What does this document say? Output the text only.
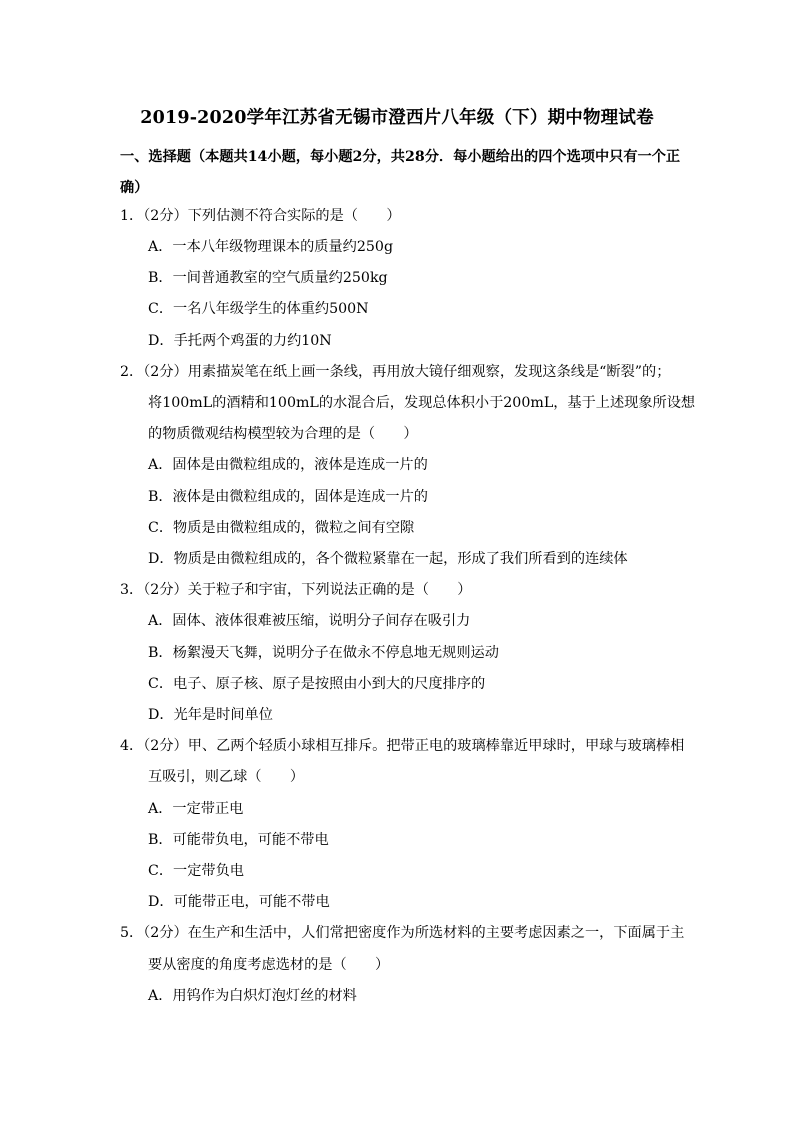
2019-2020学年江苏省无锡市澄西片八年级（下）期中物理试卷
一、选择题（本题共14小题，每小题2分，共28分．每小题给出的四个选项中只有一个正确）
1．（2分）下列估测不符合实际的是（　　）
A．一本八年级物理课本的质量约250g
B．一间普通教室的空气质量约250kg
C．一名八年级学生的体重约500N
D．手托两个鸡蛋的力约10N
2．（2分）用素描炭笔在纸上画一条线，再用放大镜仔细观察，发现这条线是“断裂”的；
将100mL的酒精和100mL的水混合后，发现总体积小于200mL，基于上述现象所设想
的物质微观结构模型较为合理的是（　　）
A．固体是由微粒组成的，液体是连成一片的
B．液体是由微粒组成的，固体是连成一片的
C．物质是由微粒组成的，微粒之间有空隙
D．物质是由微粒组成的，各个微粒紧靠在一起，形成了我们所看到的连续体
3．（2分）关于粒子和宇宙，下列说法正确的是（　　）
A．固体、液体很难被压缩，说明分子间存在吸引力
B．杨絮漫天飞舞，说明分子在做永不停息地无规则运动
C．电子、原子核、原子是按照由小到大的尺度排序的
D．光年是时间单位
4．（2分）甲、乙两个轻质小球相互排斥。把带正电的玻璃棒靠近甲球时，甲球与玻璃棒相
互吸引，则乙球（　　）
A．一定带正电
B．可能带负电，可能不带电
C．一定带负电
D．可能带正电，可能不带电
5．（2分）在生产和生活中，人们常把密度作为所选材料的主要考虑因素之一，下面属于主
要从密度的角度考虑选材的是（　　）
A．用钨作为白炽灯泡灯丝的材料
